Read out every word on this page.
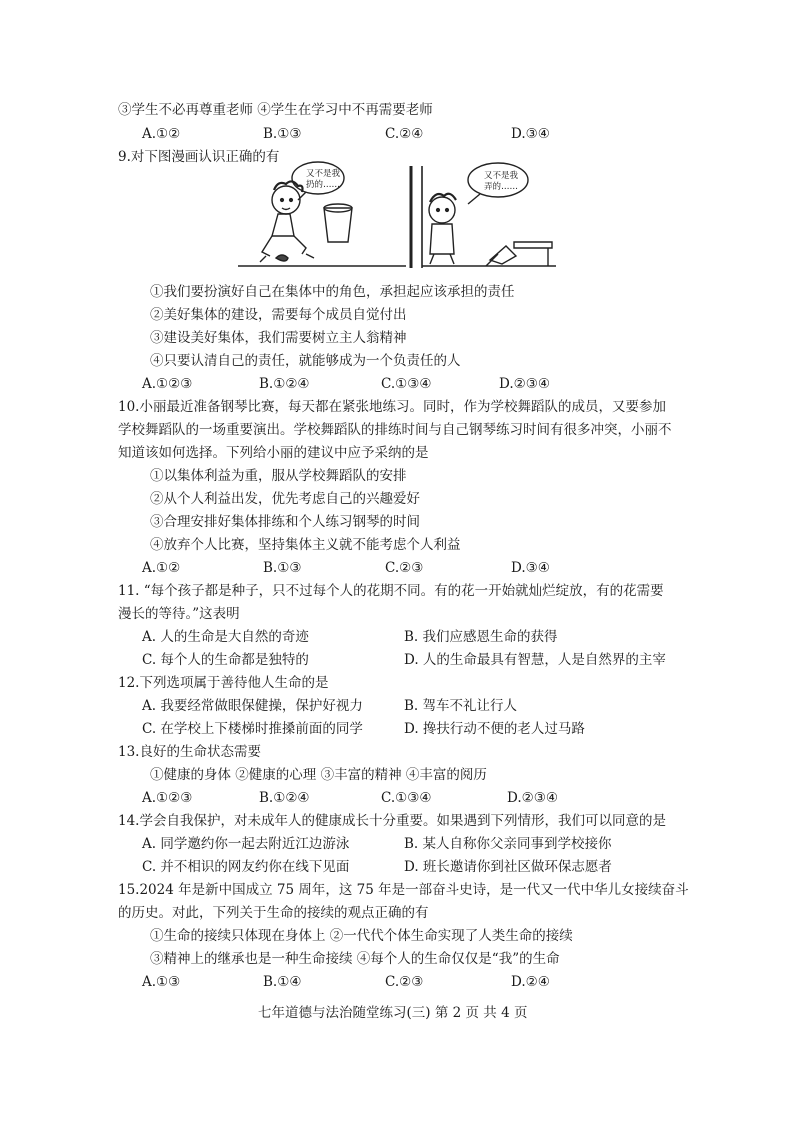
③学生不必再尊重老师 ④学生在学习中不再需要老师
A.①②	B.①③	C.②④	D.③④
9.对下图漫画认识正确的有
又不是我
扔的……
又不是我
弄的……
①我们要扮演好自己在集体中的角色，承担起应该承担的责任
②美好集体的建设，需要每个成员自觉付出
③建设美好集体，我们需要树立主人翁精神
④只要认清自己的责任，就能够成为一个负责任的人
A.①②③	B.①②④	C.①③④	D.②③④
10.小丽最近准备钢琴比赛，每天都在紧张地练习。同时，作为学校舞蹈队的成员，又要参加
学校舞蹈队的一场重要演出。学校舞蹈队的排练时间与自己钢琴练习时间有很多冲突，小丽不
知道该如何选择。下列给小丽的建议中应予采纳的是
①以集体利益为重，服从学校舞蹈队的安排
②从个人利益出发，优先考虑自己的兴趣爱好
③合理安排好集体排练和个人练习钢琴的时间
④放弃个人比赛，坚持集体主义就不能考虑个人利益
A.①②	B.①③	C.②③	D.③④
11. “每个孩子都是种子，只不过每个人的花期不同。有的花一开始就灿烂绽放，有的花需要
漫长的等待。”这表明
A. 人的生命是大自然的奇迹	B. 我们应感恩生命的获得
C. 每个人的生命都是独特的	D. 人的生命最具有智慧，人是自然界的主宰
12.下列选项属于善待他人生命的是
A. 我要经常做眼保健操，保护好视力	B. 驾车不礼让行人
C. 在学校上下楼梯时推搡前面的同学	D. 搀扶行动不便的老人过马路
13.良好的生命状态需要
①健康的身体 ②健康的心理 ③丰富的精神 ④丰富的阅历
A.①②③	B.①②④	C.①③④	D.②③④
14.学会自我保护，对未成年人的健康成长十分重要。如果遇到下列情形，我们可以同意的是
A. 同学邀约你一起去附近江边游泳	B. 某人自称你父亲同事到学校接你
C. 并不相识的网友约你在线下见面	D. 班长邀请你到社区做环保志愿者
15.2024 年是新中国成立 75 周年，这 75 年是一部奋斗史诗，是一代又一代中华儿女接续奋斗
的历史。对此，下列关于生命的接续的观点正确的有
①生命的接续只体现在身体上 ②一代代个体生命实现了人类生命的接续
③精神上的继承也是一种生命接续 ④每个人的生命仅仅是“我”的生命
A.①③	B.①④	C.②③	D.②④
七年道德与法治随堂练习(三) 第 2 页 共 4 页
